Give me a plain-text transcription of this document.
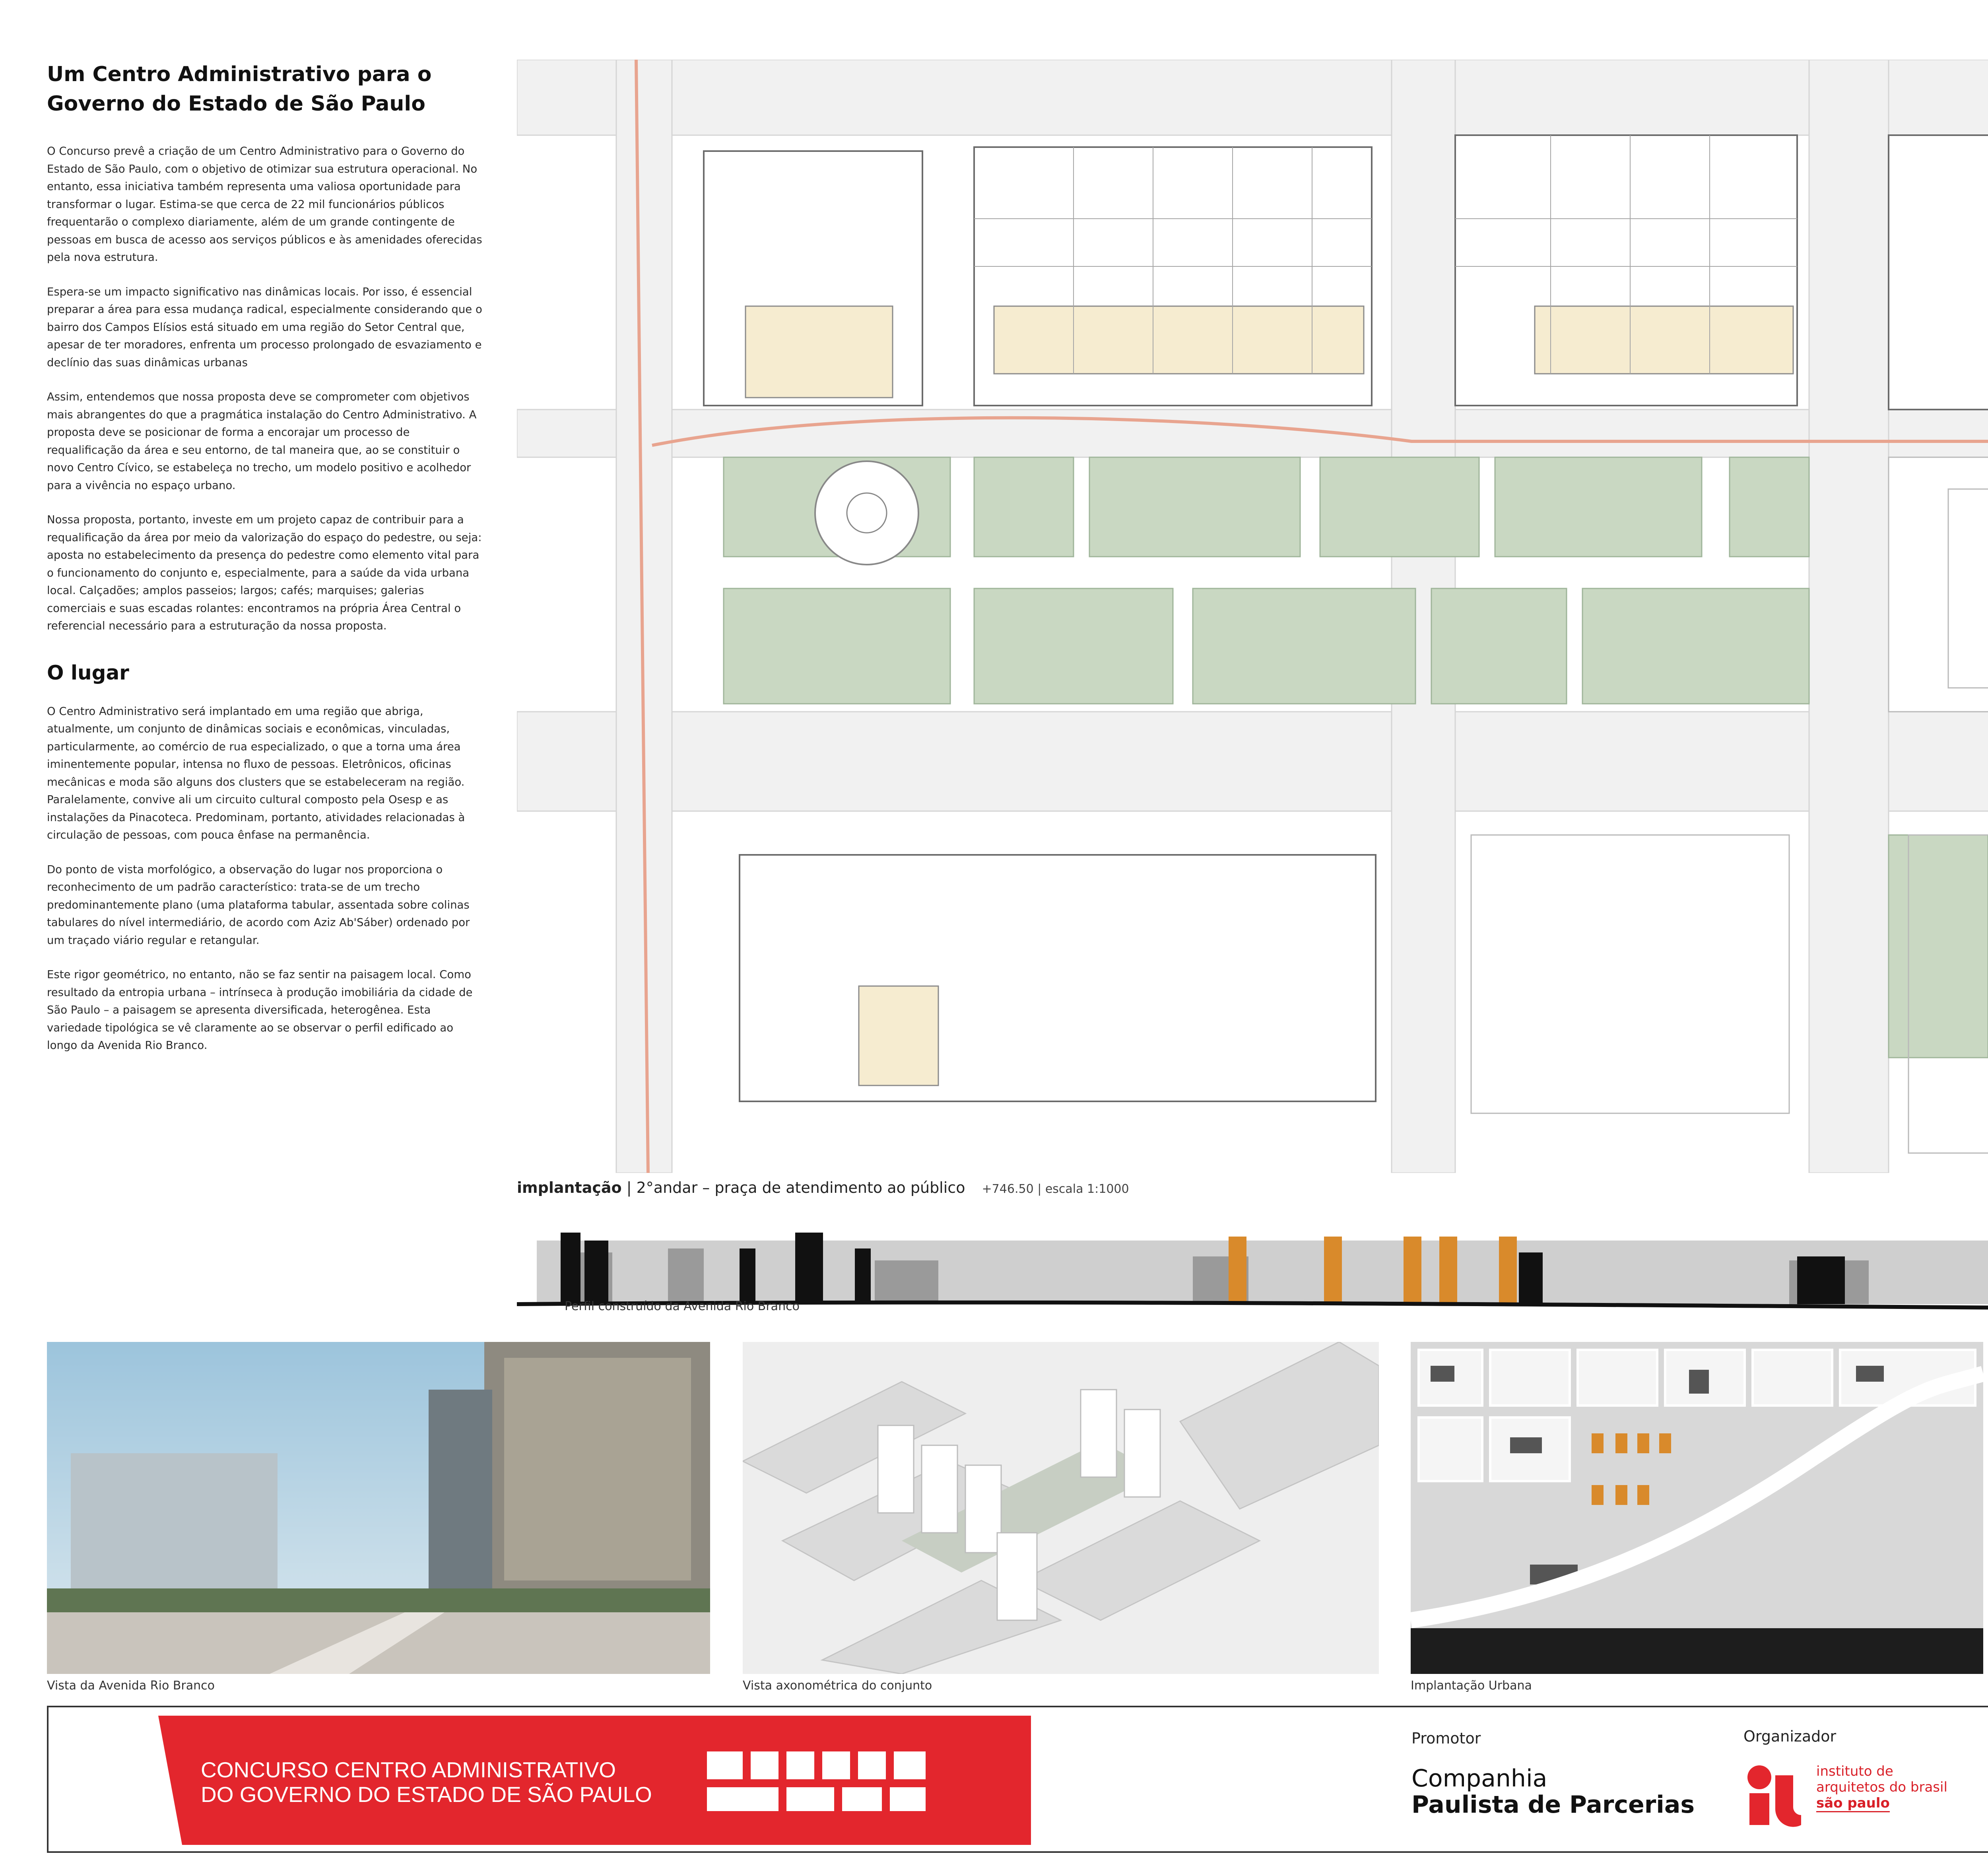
Um Centro Administrativo para o Governo do Estado de São Paulo

O Concurso prevê a criação de um Centro Administrativo para o Governo do Estado de São Paulo, com o objetivo de otimizar sua estrutura operacional. No entanto, essa iniciativa também representa uma valiosa oportunidade para transformar o lugar. Estima-se que cerca de 22 mil funcionários públicos frequentarão o complexo diariamente, além de um grande contingente de pessoas em busca de acesso aos serviços públicos e às amenidades oferecidas pela nova estrutura.

Espera-se um impacto significativo nas dinâmicas locais. Por isso, é essencial preparar a área para essa mudança radical, especialmente considerando que o bairro dos Campos Elísios está situado em uma região do Setor Central que, apesar de ter moradores, enfrenta um processo prolongado de esvaziamento e declínio das suas dinâmicas urbanas

Assim, entendemos que nossa proposta deve se comprometer com objetivos mais abrangentes do que a pragmática instalação do Centro Administrativo. A proposta deve se posicionar de forma a encorajar um processo de requalificação da área e seu entorno, de tal maneira que, ao se constituir o novo Centro Cívico, se estabeleça no trecho, um modelo positivo e acolhedor para a vivência no espaço urbano.

Nossa proposta, portanto, investe em um projeto capaz de contribuir para a requalificação da área por meio da valorização do espaço do pedestre, ou seja: aposta no estabelecimento da presença do pedestre como elemento vital para o funcionamento do conjunto e, especialmente, para a saúde da vida urbana local. Calçadões; amplos passeios; largos; cafés; marquises; galerias comerciais e suas escadas rolantes: encontramos na própria Área Central o referencial necessário para a estruturação da nossa proposta.

O lugar

O Centro Administrativo será implantado em uma região que abriga, atualmente, um conjunto de dinâmicas sociais e econômicas, vinculadas, particularmente, ao comércio de rua especializado, o que a torna uma área iminentemente popular, intensa no fluxo de pessoas. Eletrônicos, oficinas mecânicas e moda são alguns dos clusters que se estabeleceram na região. Paralelamente, convive ali um circuito cultural composto pela Osesp e as instalações da Pinacoteca. Predominam, portanto, atividades relacionadas à circulação de pessoas, com pouca ênfase na permanência.

Do ponto de vista morfológico, a observação do lugar nos proporciona o reconhecimento de um padrão característico: trata-se de um trecho predominantemente plano (uma plataforma tabular, assentada sobre colinas tabulares do nível intermediário, de acordo com Aziz Ab'Sáber) ordenado por um traçado viário regular e retangular.

Este rigor geométrico, no entanto, não se faz sentir na paisagem local. Como resultado da entropia urbana – intrínseca à produção imobiliária da cidade de São Paulo – a paisagem se apresenta diversificada, heterogênea. Esta variedade tipológica se vê claramente ao se observar o perfil edificado ao longo da Avenida Rio Branco.

implantação | 2°andar – praça de atendimento ao público +746.50 | escala 1:1000
Perfil construído da Avenida Rio Branco
Vista da Avenida Rio Branco	Vista axonométrica do conjunto	Implantação Urbana
CONCURSO CENTRO ADMINISTRATIVO
DO GOVERNO DO ESTADO DE SÃO PAULO
Promotor
Companhia
Paulista de Parcerias
Organizador
instituto de
arquitetos do brasil
são paulo
